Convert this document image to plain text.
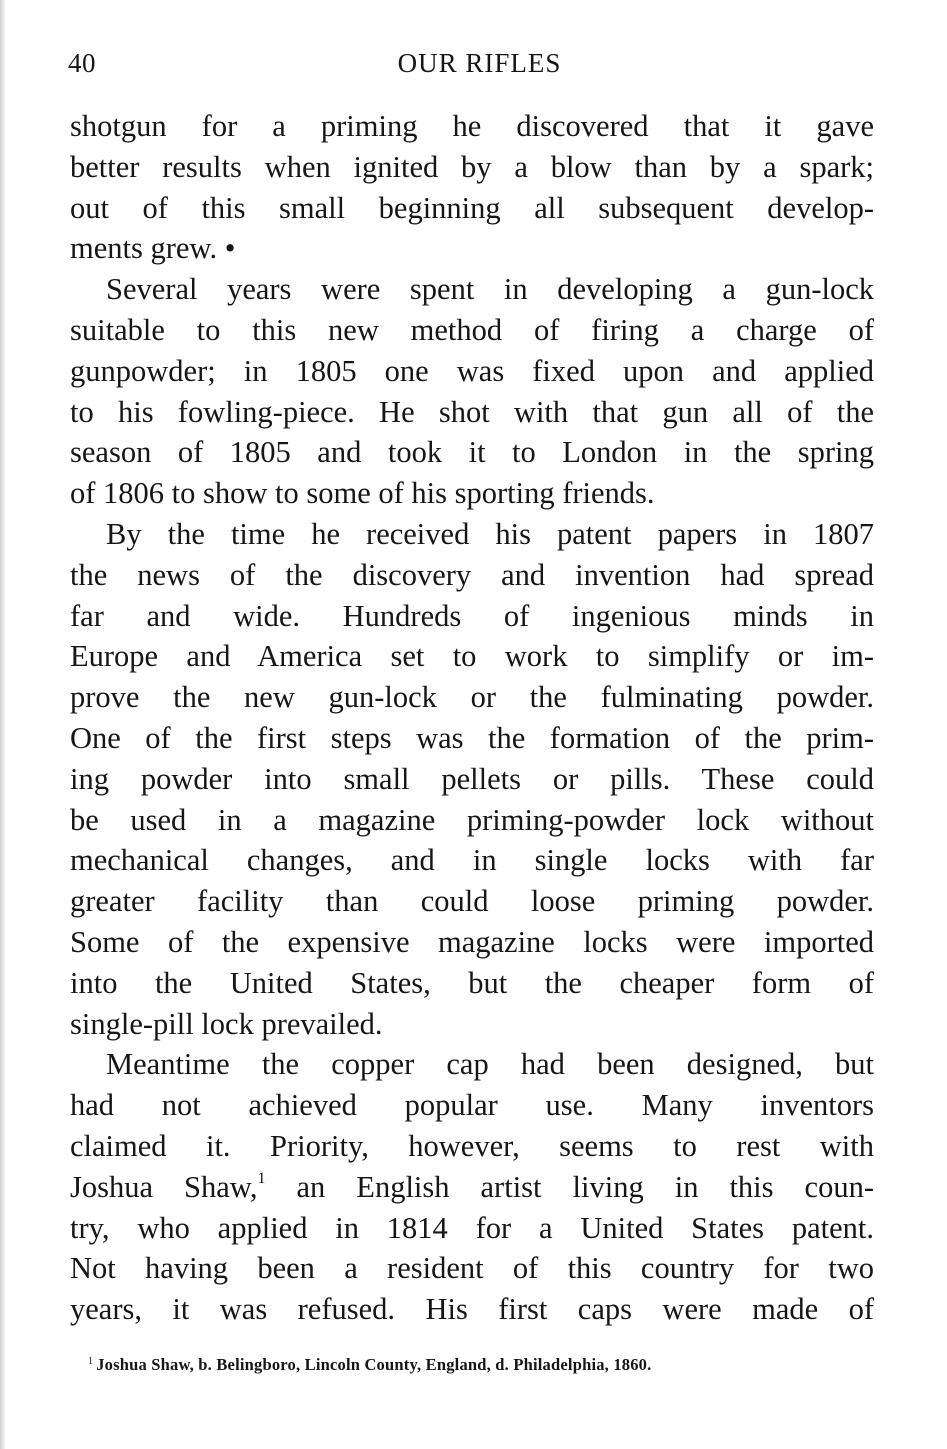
40	OUR RIFLES
shotgun for a priming he discovered that it gave
better results when ignited by a blow than by a spark;
out of this small beginning all subsequent develop-
ments grew. •
Several years were spent in developing a gun-lock
suitable to this new method of firing a charge of
gunpowder; in 1805 one was fixed upon and applied
to his fowling-piece. He shot with that gun all of the
season of 1805 and took it to London in the spring
of 1806 to show to some of his sporting friends.
By the time he received his patent papers in 1807
the news of the discovery and invention had spread
far and wide. Hundreds of ingenious minds in
Europe and America set to work to simplify or im-
prove the new gun-lock or the fulminating powder.
One of the first steps was the formation of the prim-
ing powder into small pellets or pills. These could
be used in a magazine priming-powder lock without
mechanical changes, and in single locks with far
greater facility than could loose priming powder.
Some of the expensive magazine locks were imported
into the United States, but the cheaper form of
single-pill lock prevailed.
Meantime the copper cap had been designed, but
had not achieved popular use. Many inventors
claimed it. Priority, however, seems to rest with
Joshua Shaw,$^1$ an English artist living in this coun-
try, who applied in 1814 for a United States patent.
Not having been a resident of this country for two
years, it was refused. His first caps were made of
$^1$ Joshua Shaw, b. Belingboro, Lincoln County, England, d. Philadelphia, 1860.
